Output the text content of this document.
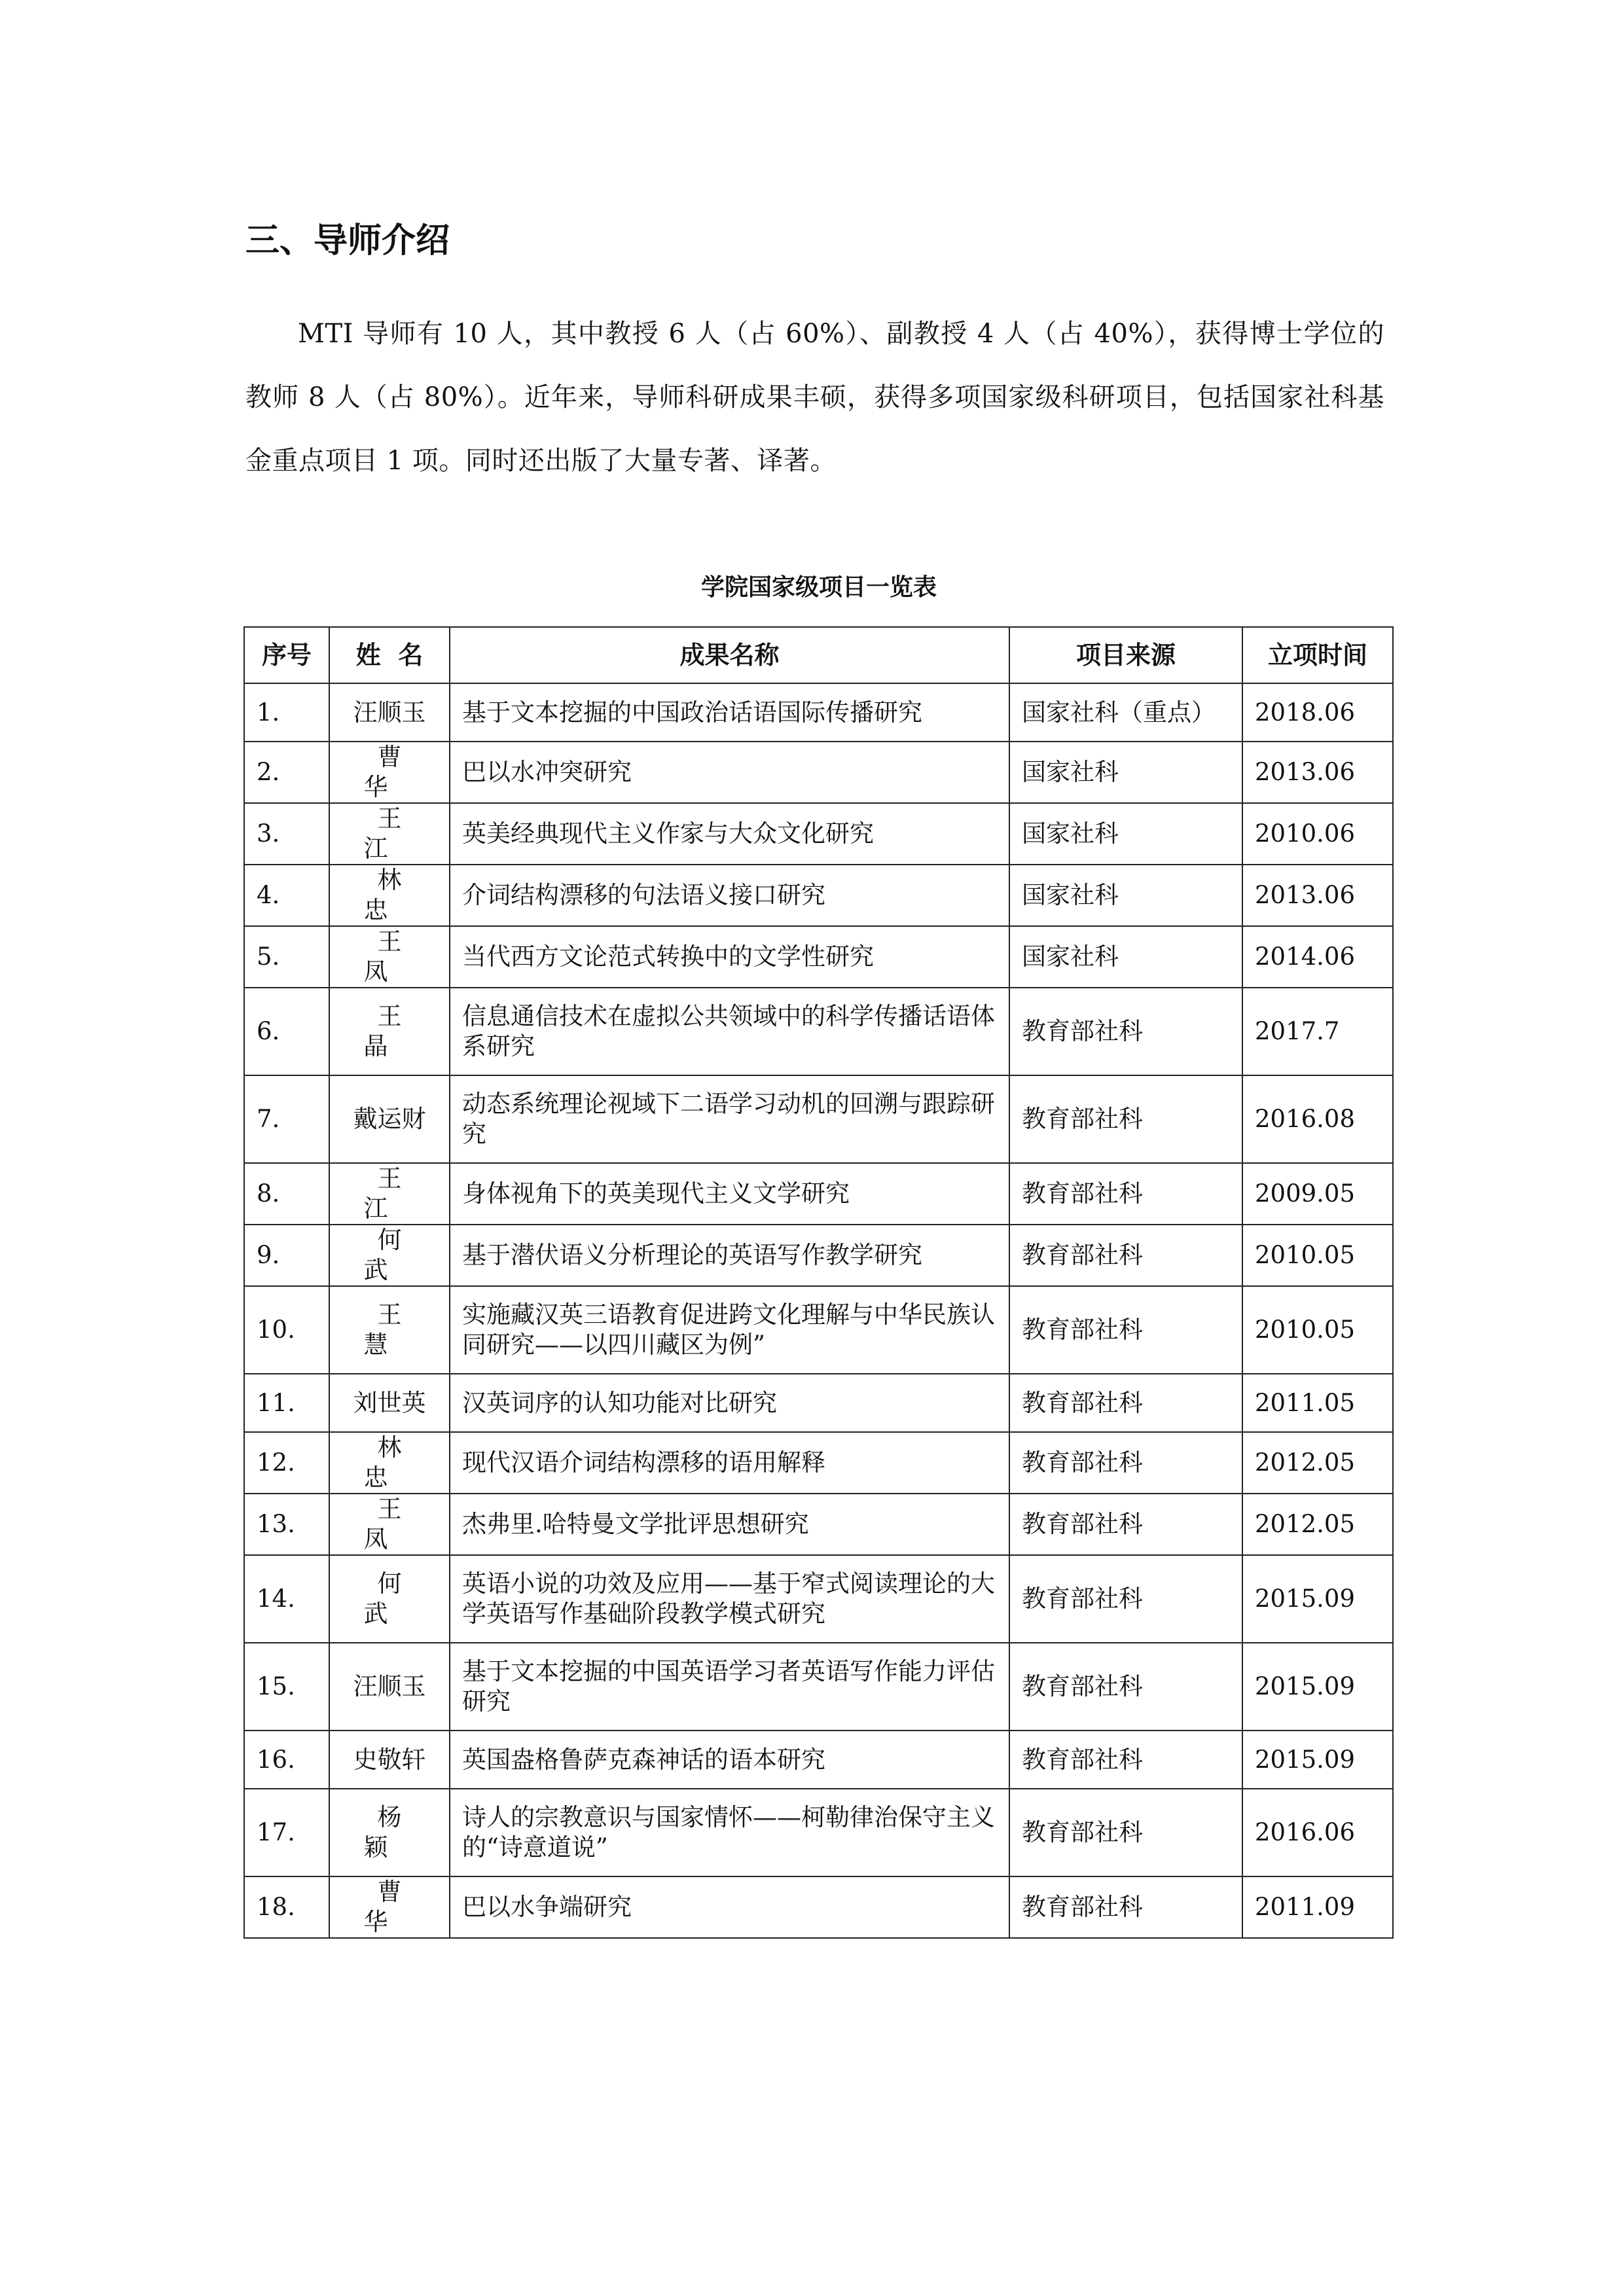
三、导师介绍

MTI 导师有 10 人，其中教授 6 人（占 60%）、副教授 4 人（占 40%），获得博士学位的教师 8 人（占 80%）。近年来，导师科研成果丰硕，获得多项国家级科研项目，包括国家社科基金重点项目 1 项。同时还出版了大量专著、译著。

学院国家级项目一览表
序号	姓  名	成果名称	项目来源	立项时间
1.	汪顺玉	基于文本挖掘的中国政治话语国际传播研究	国家社科（重点）	2018.06
2.	曹华	巴以水冲突研究	国家社科	2013.06
3.	王江	英美经典现代主义作家与大众文化研究	国家社科	2010.06
4.	林忠	介词结构漂移的句法语义接口研究	国家社科	2013.06
5.	王凤	当代西方文论范式转换中的文学性研究	国家社科	2014.06
6.	王晶	信息通信技术在虚拟公共领域中的科学传播话语体系研究	教育部社科	2017.7
7.	戴运财	动态系统理论视域下二语学习动机的回溯与跟踪研究	教育部社科	2016.08
8.	王江	身体视角下的英美现代主义文学研究	教育部社科	2009.05
9.	何武	基于潜伏语义分析理论的英语写作教学研究	教育部社科	2010.05
10.	王慧	实施藏汉英三语教育促进跨文化理解与中华民族认同研究——以四川藏区为例”	教育部社科	2010.05
11.	刘世英	汉英词序的认知功能对比研究	教育部社科	2011.05
12.	林忠	现代汉语介词结构漂移的语用解释	教育部社科	2012.05
13.	王凤	杰弗里.哈特曼文学批评思想研究	教育部社科	2012.05
14.	何武	英语小说的功效及应用——基于窄式阅读理论的大学英语写作基础阶段教学模式研究	教育部社科	2015.09
15.	汪顺玉	基于文本挖掘的中国英语学习者英语写作能力评估研究	教育部社科	2015.09
16.	史敬轩	英国盎格鲁萨克森神话的语本研究	教育部社科	2015.09
17.	杨颖	诗人的宗教意识与国家情怀——柯勒律治保守主义的“诗意道说”	教育部社科	2016.06
18.	曹华	巴以水争端研究	教育部社科	2011.09
